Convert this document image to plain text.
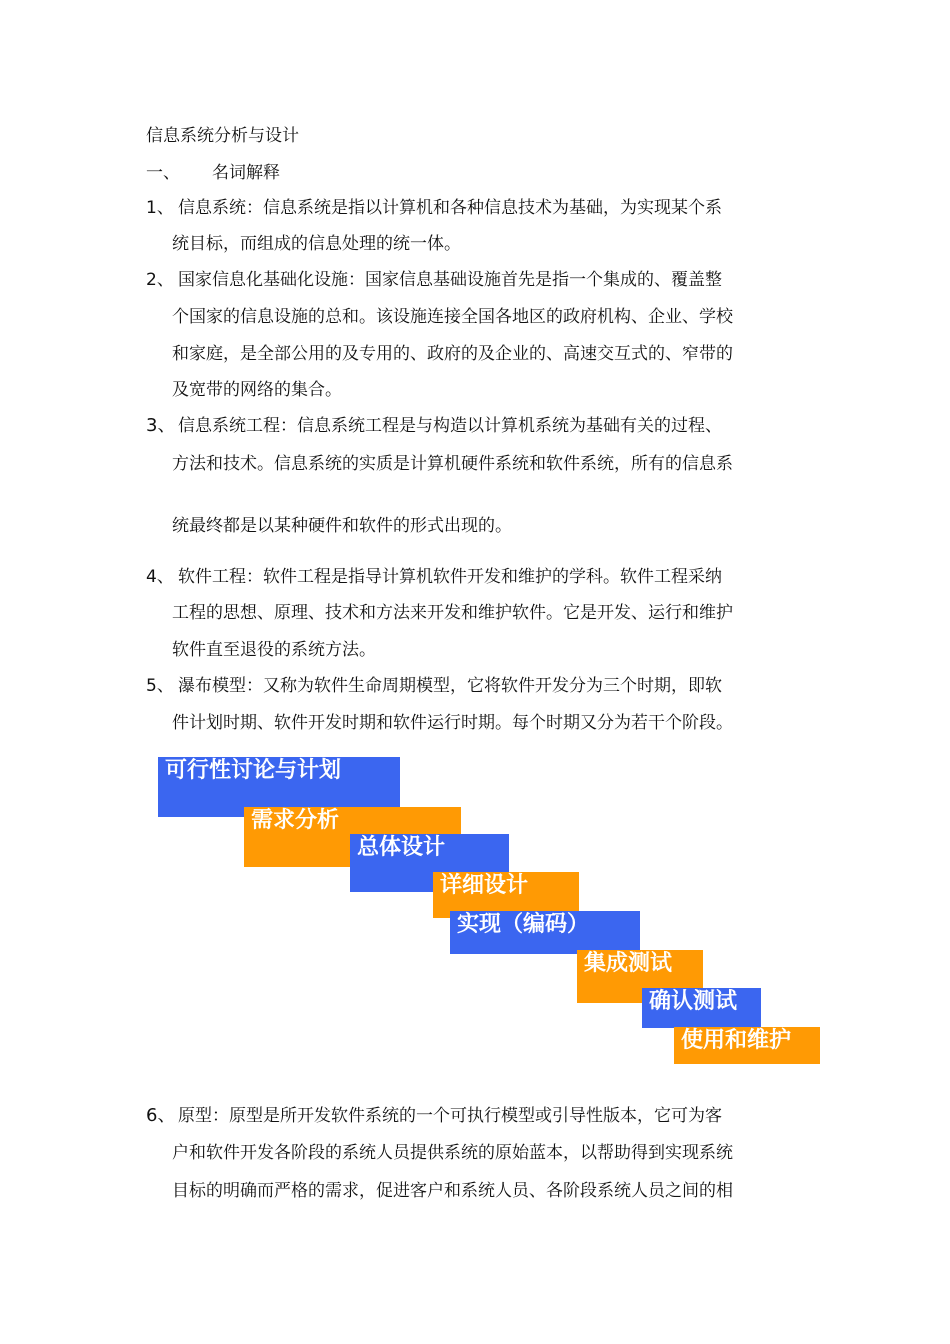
信息系统分析与设计
一、 名词解释
1、 信息系统：信息系统是指以计算机和各种信息技术为基础，为实现某个系
统目标，而组成的信息处理的统一体。
2、 国家信息化基础化设施：国家信息基础设施首先是指一个集成的、覆盖整
个国家的信息设施的总和。该设施连接全国各地区的政府机构、企业、学校
和家庭，是全部公用的及专用的、政府的及企业的、高速交互式的、窄带的
及宽带的网络的集合。
3、 信息系统工程：信息系统工程是与构造以计算机系统为基础有关的过程、
方法和技术。信息系统的实质是计算机硬件系统和软件系统，所有的信息系
统最终都是以某种硬件和软件的形式出现的。
4、 软件工程：软件工程是指导计算机软件开发和维护的学科。软件工程采纳
工程的思想、原理、技术和方法来开发和维护软件。它是开发、运行和维护
软件直至退役的系统方法。
5、 瀑布模型：又称为软件生命周期模型，它将软件开发分为三个时期，即软
件计划时期、软件开发时期和软件运行时期。每个时期又分为若干个阶段。
可行性讨论与计划
需求分析
总体设计
详细设计
实现（编码）
集成测试
确认测试
使用和维护
6、 原型：原型是所开发软件系统的一个可执行模型或引导性版本，它可为客
户和软件开发各阶段的系统人员提供系统的原始蓝本，以帮助得到实现系统
目标的明确而严格的需求，促进客户和系统人员、各阶段系统人员之间的相
